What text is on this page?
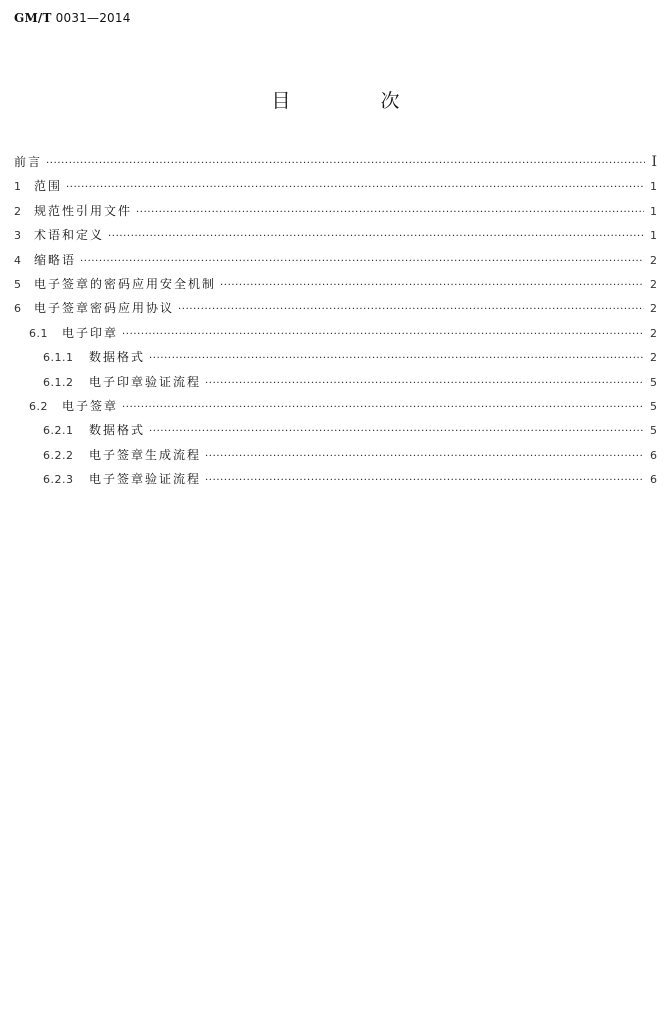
GM/T 0031—2014
目 次
前言 ·····	I
1	范围 ·····	1
2	规范性引用文件 ·····	1
3	术语和定义 ·····	1
4	缩略语 ·····	2
5	电子签章的密码应用安全机制 ·····	2
6	电子签章密码应用协议 ·····	2
6.1	电子印章 ·····	2
6.1.1	数据格式 ·····	2
6.1.2	电子印章验证流程 ·····	5
6.2	电子签章 ·····	5
6.2.1	数据格式 ·····	5
6.2.2	电子签章生成流程 ·····	6
6.2.3	电子签章验证流程 ·····	6
